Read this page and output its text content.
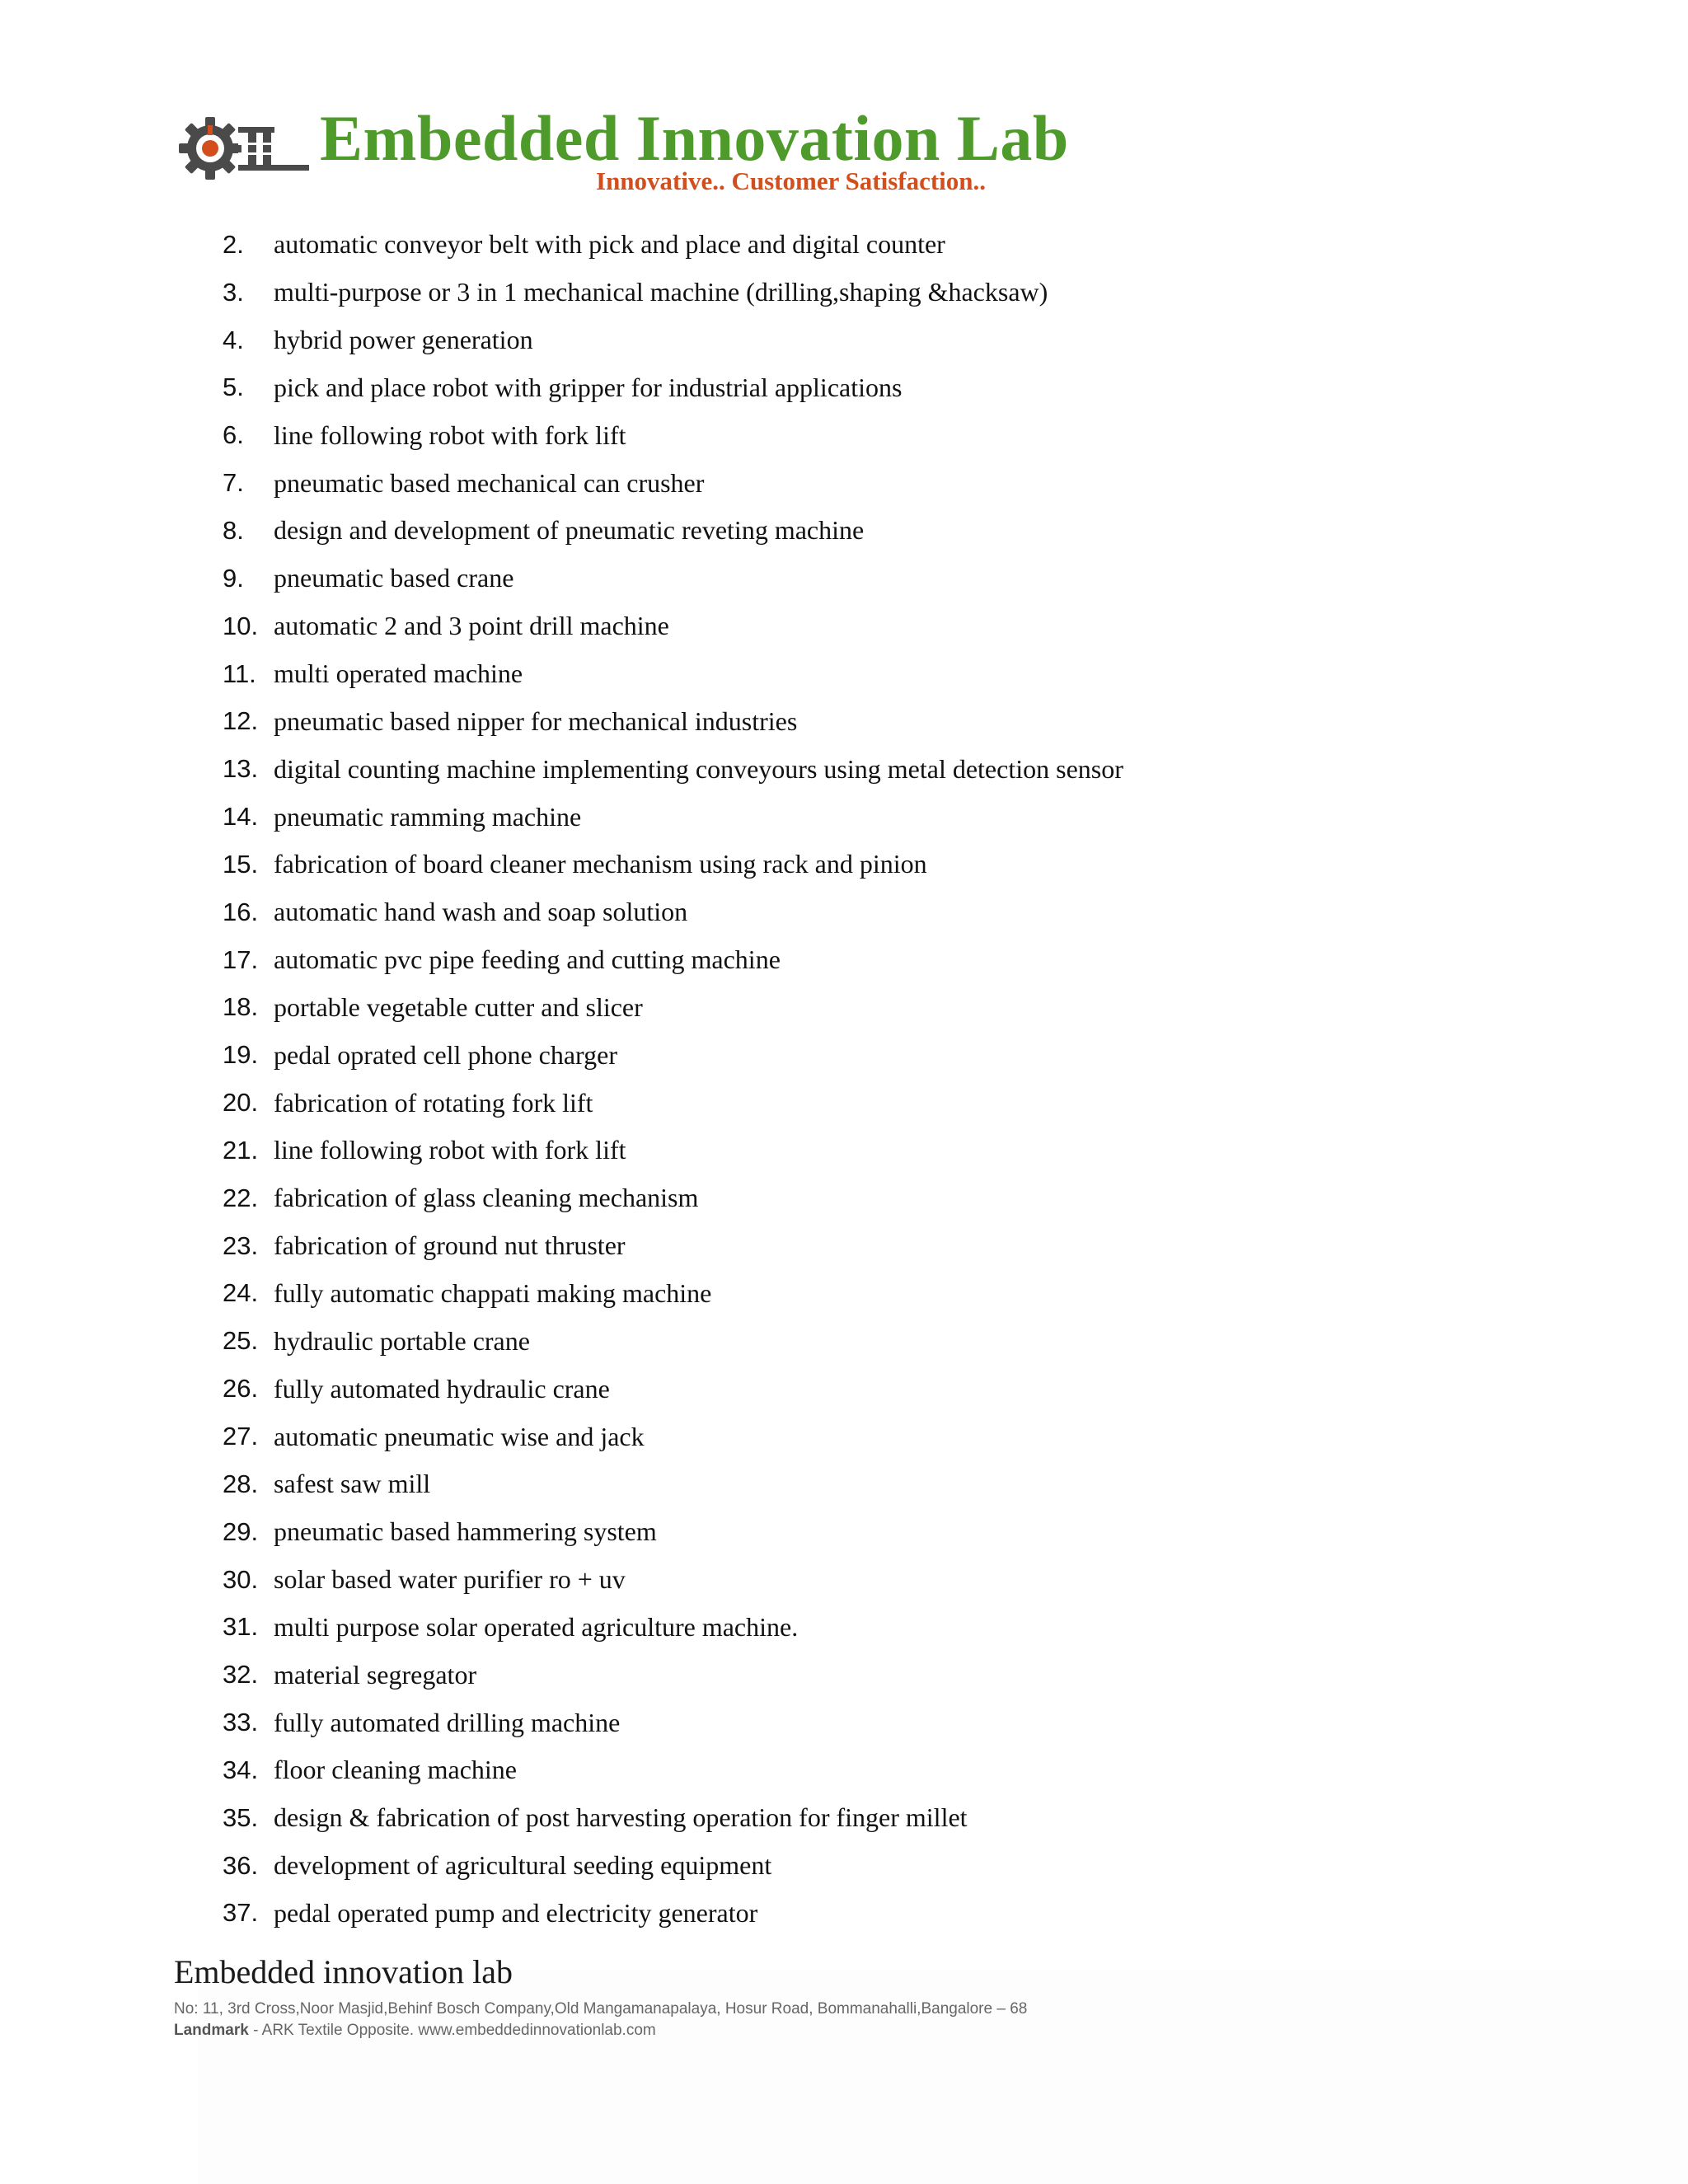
Embedded Innovation Lab
Innovative.. Customer Satisfaction..
2.	automatic conveyor belt with pick and place and digital counter
3.	multi-purpose or 3 in 1 mechanical machine (drilling,shaping &hacksaw)
4.	hybrid power generation
5.	pick and place robot with gripper for industrial applications
6.	line following robot with fork lift
7.	pneumatic based mechanical can crusher
8.	design and development of pneumatic reveting machine
9.	pneumatic based crane
10. automatic 2 and 3 point drill machine
11. multi operated machine
12. pneumatic based nipper for mechanical industries
13. digital counting machine implementing conveyours using metal detection sensor
14. pneumatic ramming machine
15. fabrication of board cleaner mechanism using rack and pinion
16. automatic hand wash and soap solution
17. automatic pvc pipe feeding and cutting machine
18. portable vegetable cutter and slicer
19. pedal oprated cell phone charger
20. fabrication of rotating fork lift
21. line following robot with fork lift
22. fabrication of glass cleaning mechanism
23. fabrication of ground nut thruster
24. fully automatic chappati making machine
25. hydraulic portable crane
26. fully automated hydraulic crane
27. automatic pneumatic wise and jack
28. safest saw mill
29. pneumatic based hammering system
30. solar based water purifier ro + uv
31. multi purpose solar operated agriculture machine.
32. material segregator
33. fully automated drilling machine
34. floor cleaning machine
35. design & fabrication of post harvesting operation for finger millet
36. development of agricultural seeding equipment
37. pedal operated pump and electricity generator
Embedded innovation lab
No: 11, 3rd Cross,Noor Masjid,Behinf Bosch Company,Old Mangamanapalaya, Hosur Road, Bommanahalli,Bangalore – 68
Landmark - ARK Textile Opposite. www.embeddedinnovationlab.com
